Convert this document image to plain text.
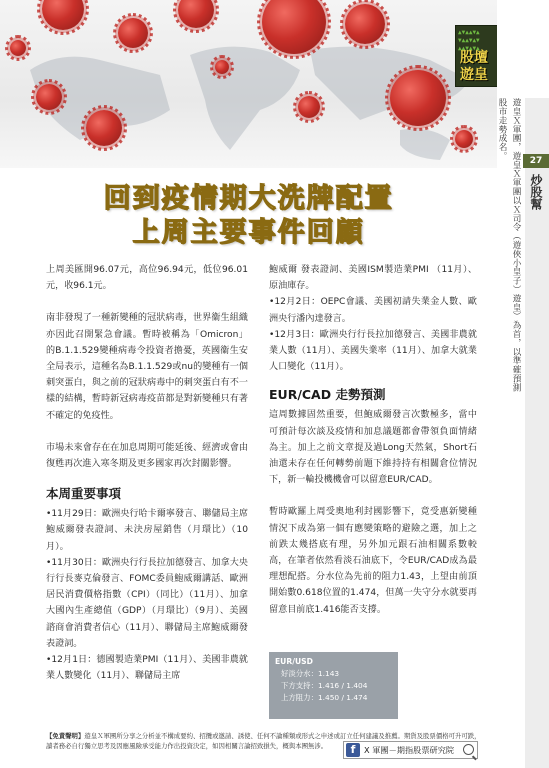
回到疫情期大洗牌配置
上周主要事件回顧
▲▼▲▲▼▲
▼▲▲▼▲▼
▲▲▼▲▼▲
股壇
遊皇
27
炒股幫
遊皇Ｘ軍團，遊皇Ｘ軍團以Ｘ司令（遊俠小皇子）遊皇）為首，以準確預測股市走勢成名。

上周美匯開96.07元，高位96.94元，低位96.01元，收96.1元。

南非發現了一種新變種的冠狀病毒，世界衞生組織亦因此召開緊急會議。暫時被稱為「Omicron」的B.1.1.529變種病毒令投資者擔憂，英國衞生安全局表示，這種名為B.1.1.529或nu的變種有一個刺突蛋白，與之前的冠狀病毒中的刺突蛋白有不一樣的結構，暫時新冠病毒疫苗都是對新變種只有著不確定的免疫性。

市場未來會存在在加息周期可能延後、經濟或會由復甦再次進入寒冬期及更多國家再次封關影響。

本周重要事項
•11月29日：歐洲央行哈卡爾寧發言、聯儲局主席鮑威爾發表證詞、未決房屋銷售（月環比）（10月）。
•11月30日：歐洲央行行長拉加德發言、加拿大央行行長麥克倫發言、FOMC委員鮑威爾講話、歐洲居民消費價格指數（CPI）（同比）（11月）、加拿大國內生產總值（GDP）（月環比）（9月）、美國諮商會消費者信心（11月）、聯儲局主席鮑威爾發表證詞。
•12月1日：德國製造業PMI（11月）、美國非農就業人數變化（11月）、聯儲局主席
鮑威爾 發表證詞、美國ISM製造業PMI （11月）、原油庫存。
•12月2日：OEPC會議、美國初請失業金人數、歐洲央行潘內達發言。
•12月3日：歐洲央行行長拉加德發言、美國非農就業人數（11月）、美國失業率（11月）、加拿大就業人口變化（11月）。
EUR/CAD 走勢預測

這周數據固然重要，但鮑威爾發言次數極多，當中可預計每次談及疫情和加息議題都會帶領負面情緒為主。加上之前文章提及過Long天然氣，Short石油還未存在任何轉勢前題下維持持有相關倉位情況下，新一輪投機機會可以留意EUR/CAD。

暫時歐羅上周受奧地利封國影響下，竟受惠新變種情況下成為第一個有應變策略的避險之選，加上之前跌太幾搭底有理，另外加元跟石油相關系數較高，在筆者依然看淡石油底下，令EUR/CAD成為最理想配搭。分水位為先前的阻力1.43，上望由前頂開始數0.618位置的1.474，但萬一失守分水就要再留意目前底1.416能否支撐。

EUR/USD
好淡分水：1.143
下方支持：1.416 / 1.404
上方阻力：1.450 / 1.474
【免責聲明】遊皇Ｘ軍團所分享之分析並不構成要約、招攬或邀請、誘使、任何不論種類或形式之申述或訂立任何建議及推薦。期貨及股票價格可升可跌，讀者務必自行獨立思考及因應風險承受能力作出投資決定，如因相關言論招致損失，概與本團無涉。	f	X 軍團－期指股票研究院
